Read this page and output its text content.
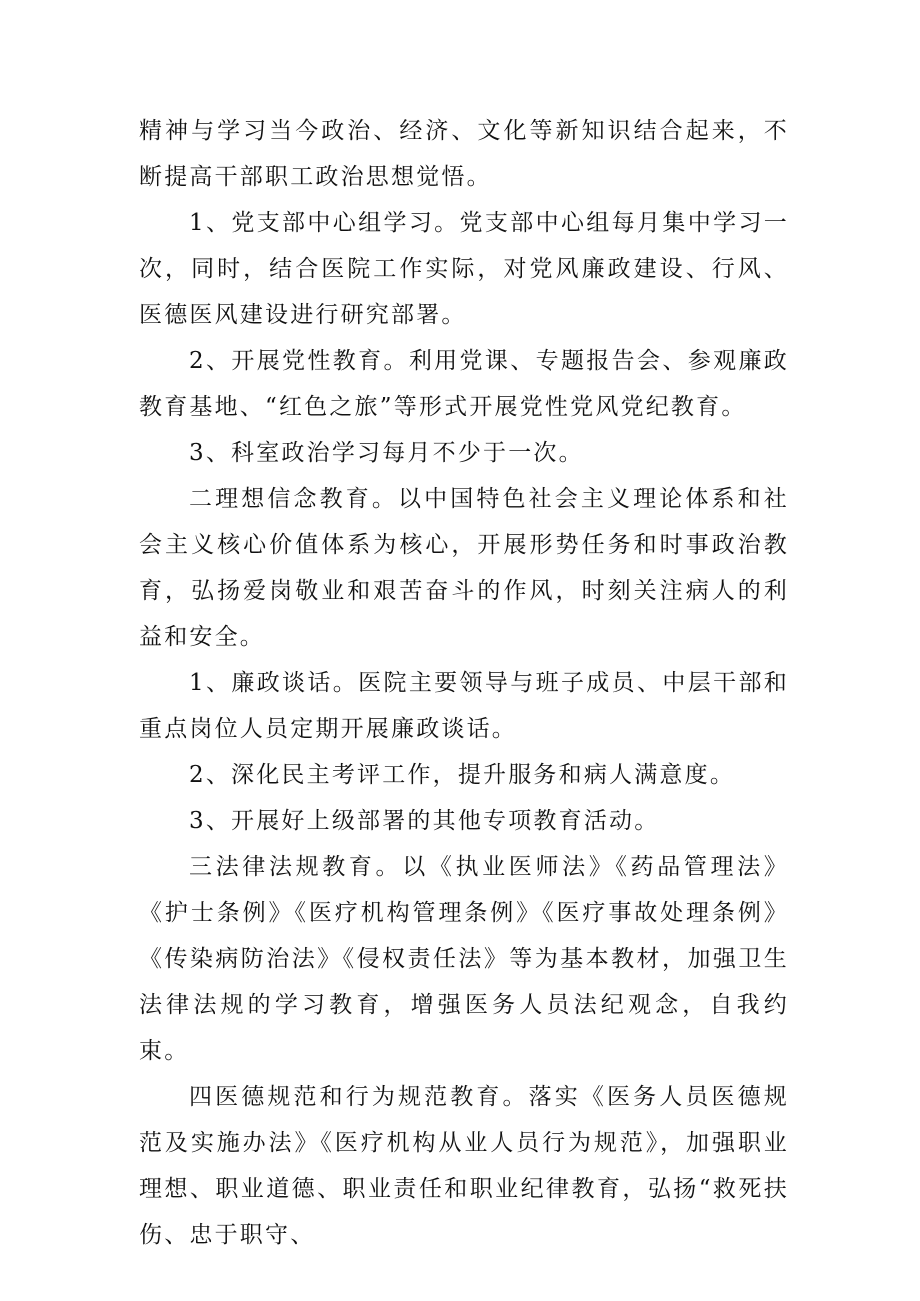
精神与学习当今政治、经济、文化等新知识结合起来，不断提高干部职工政治思想觉悟。

1、党支部中心组学习。党支部中心组每月集中学习一次，同时，结合医院工作实际，对党风廉政建设、行风、医德医风建设进行研究部署。

2、开展党性教育。利用党课、专题报告会、参观廉政教育基地、“红色之旅”等形式开展党性党风党纪教育。

3、科室政治学习每月不少于一次。

二理想信念教育。以中国特色社会主义理论体系和社会主义核心价值体系为核心，开展形势任务和时事政治教育，弘扬爱岗敬业和艰苦奋斗的作风，时刻关注病人的利益和安全。

1、廉政谈话。医院主要领导与班子成员、中层干部和重点岗位人员定期开展廉政谈话。

2、深化民主考评工作，提升服务和病人满意度。

3、开展好上级部署的其他专项教育活动。

三法律法规教育。以《执业医师法》《药品管理法》《护士条例》《医疗机构管理条例》《医疗事故处理条例》《传染病防治法》《侵权责任法》等为基本教材，加强卫生法律法规的学习教育，增强医务人员法纪观念，自我约束。

四医德规范和行为规范教育。落实《医务人员医德规范及实施办法》《医疗机构从业人员行为规范》，加强职业理想、职业道德、职业责任和职业纪律教育，弘扬“救死扶伤、忠于职守、
